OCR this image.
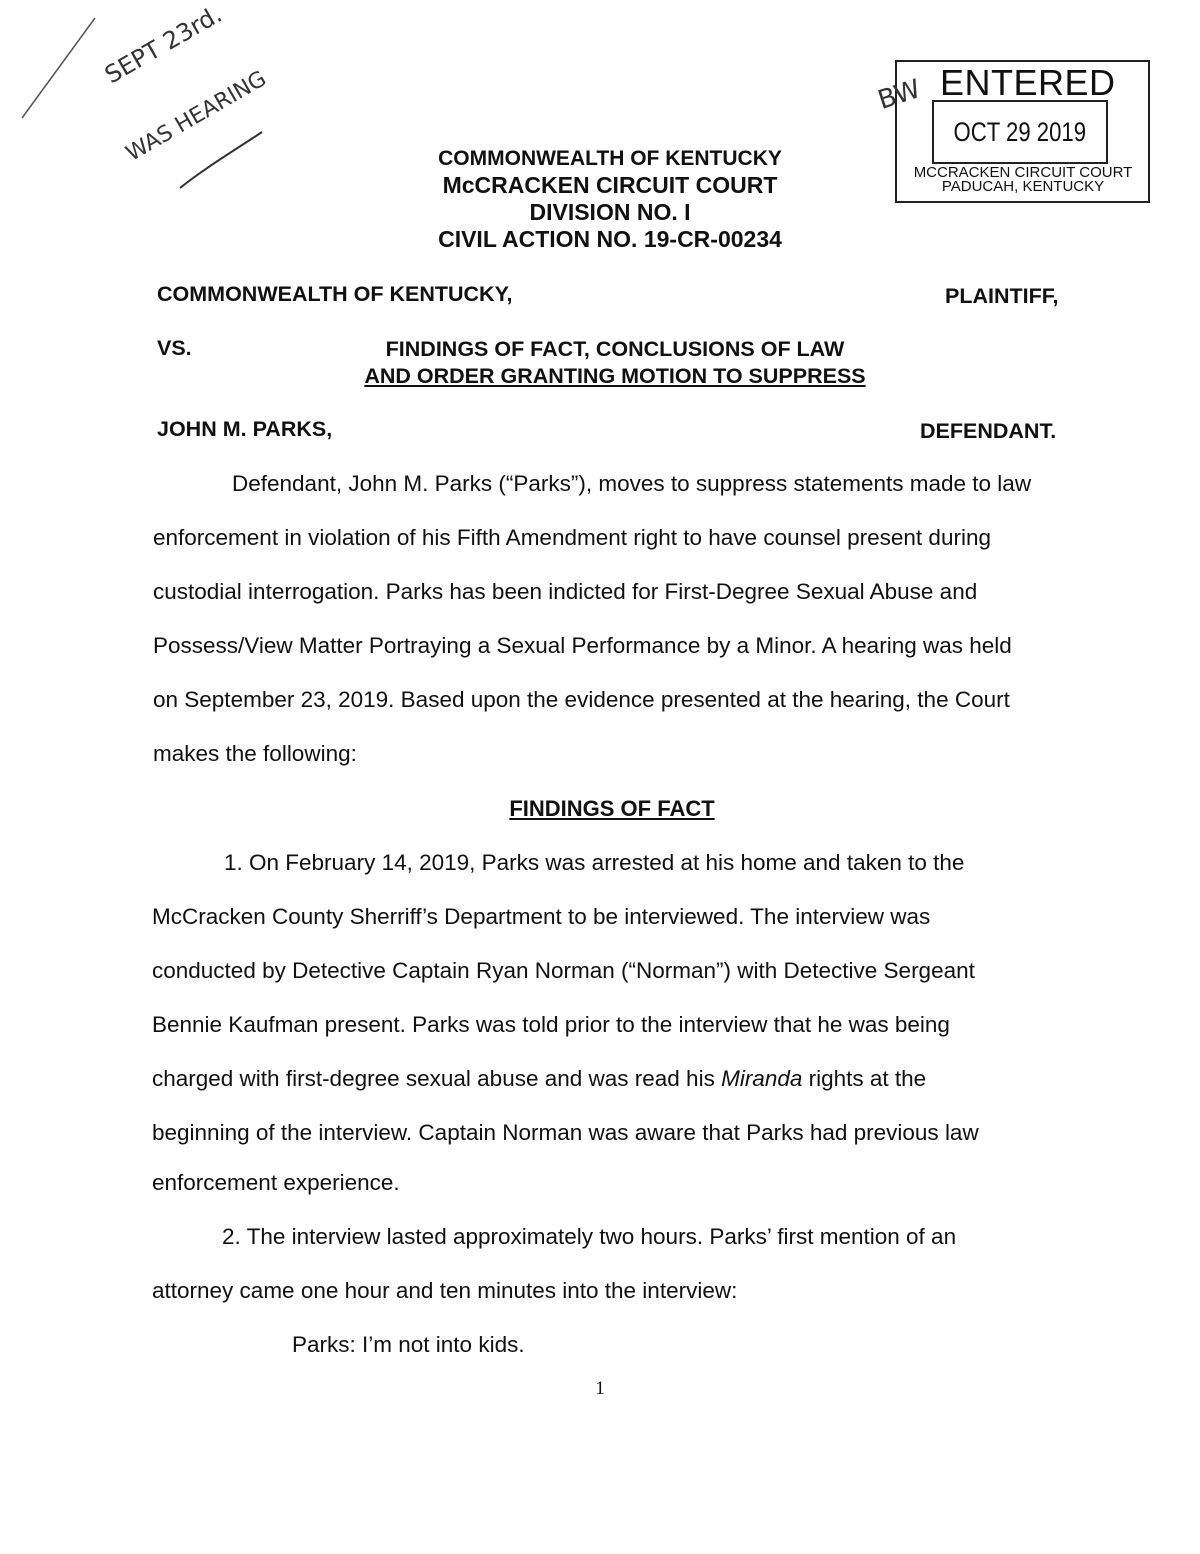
SEPT 23rd.
WAS HEARING	COMMONWEALTH OF KENTUCKY
McCRACKEN CIRCUIT COURT
DIVISION NO. I
CIVIL ACTION NO. 19-CR-00234
BW ENTERED
OCT 29 2019
MCCRACKEN CIRCUIT COURT
PADUCAH, KENTUCKY
COMMONWEALTH OF KENTUCKY,	PLAINTIFF,
VS.	FINDINGS OF FACT, CONCLUSIONS OF LAW
AND ORDER GRANTING MOTION TO SUPPRESS
JOHN M. PARKS,	DEFENDANT.
Defendant, John M. Parks (“Parks”), moves to suppress statements made to law
enforcement in violation of his Fifth Amendment right to have counsel present during
custodial interrogation. Parks has been indicted for First-Degree Sexual Abuse and
Possess/View Matter Portraying a Sexual Performance by a Minor. A hearing was held
on September 23, 2019. Based upon the evidence presented at the hearing, the Court
makes the following:
FINDINGS OF FACT
1. On February 14, 2019, Parks was arrested at his home and taken to the
McCracken County Sherriff’s Department to be interviewed. The interview was
conducted by Detective Captain Ryan Norman (“Norman”) with Detective Sergeant
Bennie Kaufman present. Parks was told prior to the interview that he was being
charged with first-degree sexual abuse and was read his Miranda rights at the
beginning of the interview. Captain Norman was aware that Parks had previous law
enforcement experience.
2. The interview lasted approximately two hours. Parks’ first mention of an
attorney came one hour and ten minutes into the interview:
Parks: I’m not into kids.
1
